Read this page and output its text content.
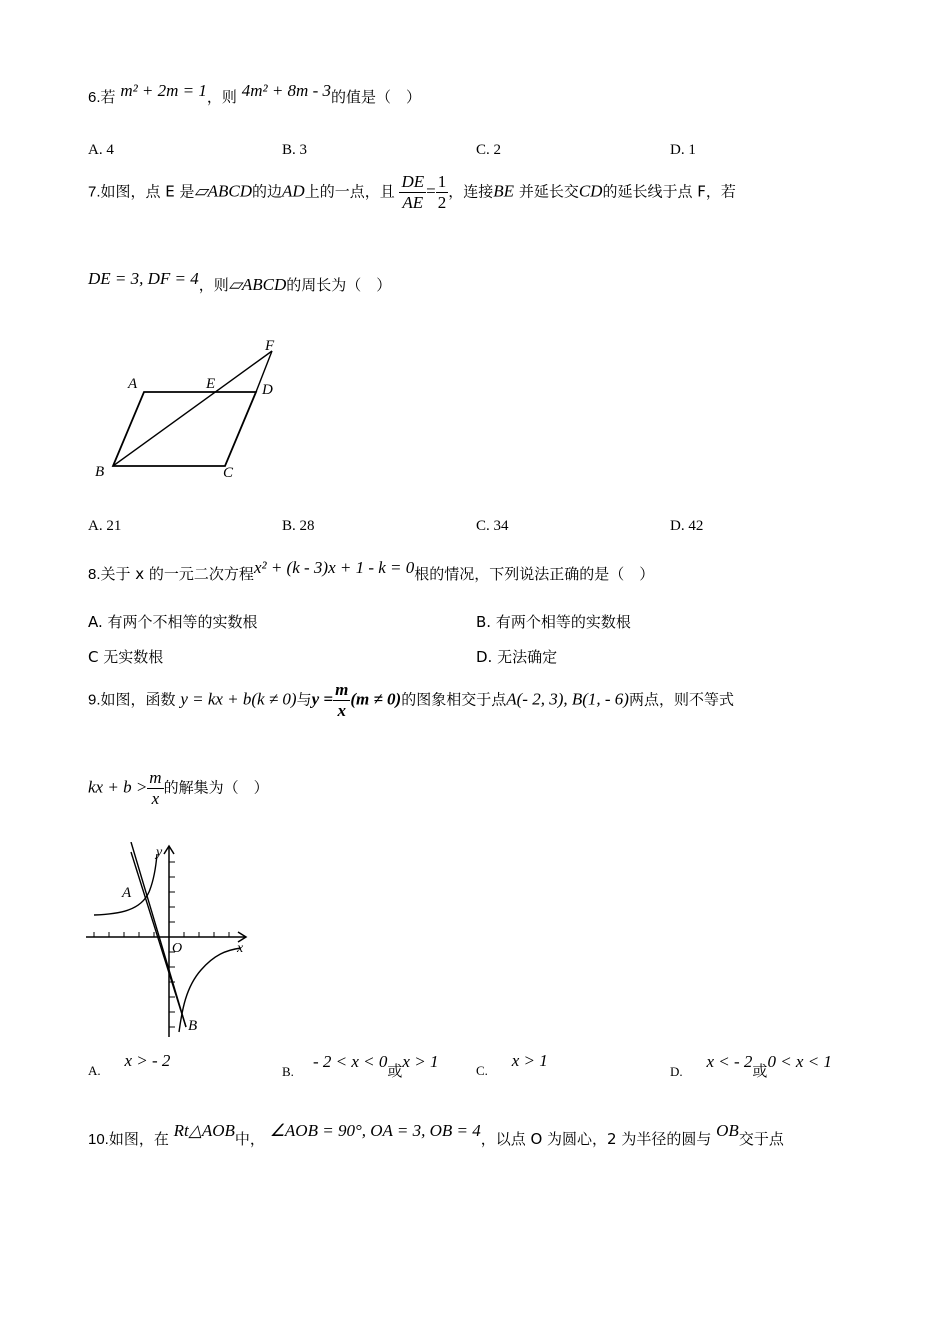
6.若 m² + 2m = 1，则 4m² + 8m - 3的值是（　）
A. 4	B. 3	C. 2	D. 1
7.如图，点 E 是▱ABCD的边AD上的一点，且 $\frac{DE}{AE} = \frac{1}{2}$ ，连接BE 并延长交CD的延长线于点 F，若
DE = 3, DF = 4，则▱ABCD的周长为（　）
A	E	D
F
B	C
A. 21	B. 28	C. 34	D. 42
8.关于 x 的一元二次方程x² + (k - 3)x + 1 - k = 0根的情况，下列说法正确的是（　）
A. 有两个不相等的实数根	B. 有两个相等的实数根
C 无实数根	D. 无法确定
9.如图，函数 y = kx + b(k ≠ 0)与$y = \frac{m}{x} (m \ne 0)$的图象相交于点A(- 2, 3), B(1, - 6)两点，则不等式
kx + $b > \frac{m}{x}$ 的解集为（　）
y
x
O
A
B
A.     x > - 2
B.    - 2 < x < 0或x > 1	C.     x > 1
D.     x < - 2或0 < x < 1
10.如图，在 Rt△AOB中， ∠AOB = 90°, OA = 3, OB = 4，以点 O 为圆心，2 为半径的圆与 OB交于点
